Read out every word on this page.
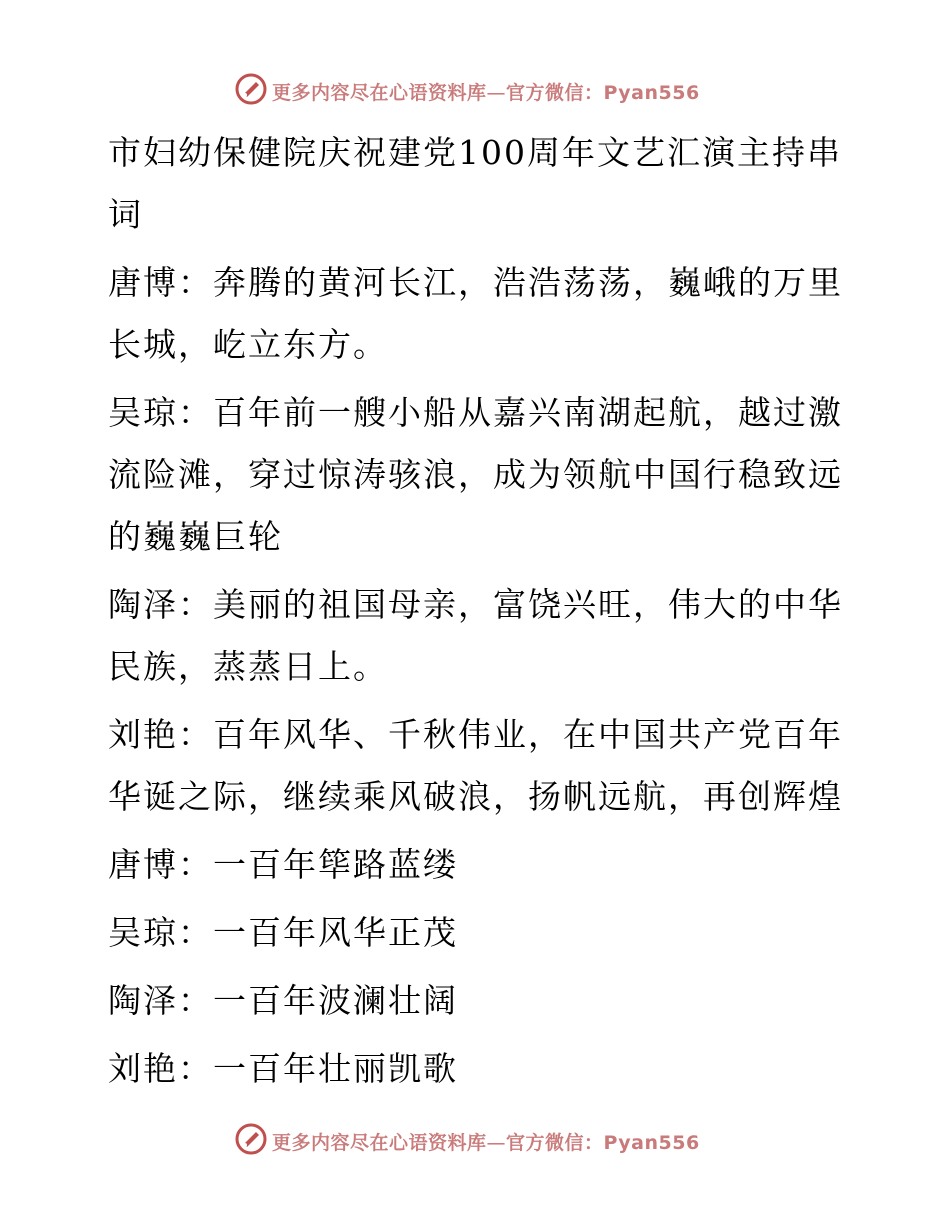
更多内容尽在心语资料库—官方微信：Pyan556

市妇幼保健院庆祝建党100周年文艺汇演主持串词

唐博：奔腾的黄河长江，浩浩荡荡，巍峨的万里长城，屹立东方。

吴琼：百年前一艘小船从嘉兴南湖起航，越过激流险滩，穿过惊涛骇浪，成为领航中国行稳致远的巍巍巨轮

陶泽：美丽的祖国母亲，富饶兴旺，伟大的中华民族，蒸蒸日上。

刘艳：百年风华、千秋伟业，在中国共产党百年华诞之际，继续乘风破浪，扬帆远航，再创辉煌

唐博：一百年筚路蓝缕

吴琼：一百年风华正茂

陶泽：一百年波澜壮阔

刘艳：一百年壮丽凯歌

更多内容尽在心语资料库—官方微信：Pyan556
